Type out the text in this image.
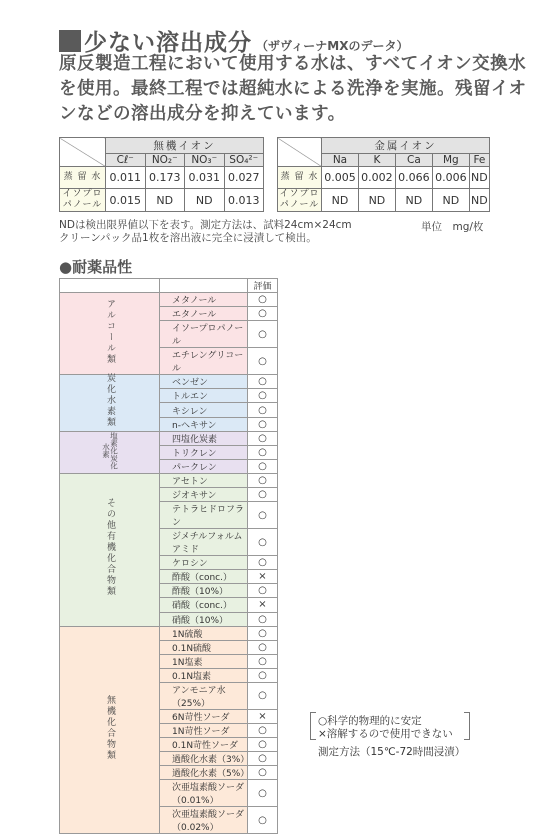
少ない溶出成分 （ザヴィーナMXのデータ）

原反製造工程において使用する水は、すべてイオン交換水

を使用。最終工程では超純水による洗浄を実施。残留イオ

ンなどの溶出成分を抑えています。

	無機イオン			
	Cℓ⁻	NO₂⁻	NO₃⁻	SO₄²⁻
蒸 留 水	0.011	0.173	0.031	0.027

イソプロ
パノール	0.015	ND	ND	0.013
	金属イオン				
	Na	K	Ca	Mg	Fe
蒸 留 水	0.005	0.002	0.066	0.006	ND

イソプロ
パノール	ND	ND	ND	ND	ND
NDは検出限界値以下を表す。測定方法は、試料24cm×24cm
クリーンパック品1枚を溶出液に完全に浸漬して検出。
単位　mg/枚
●耐薬品性
		評価
アルコール類	メタノール	○
	エタノール	○
	イソープロパノール	○
	エチレングリコール	○
炭化水素類	ベンゼン	○
	トルエン	○
	キシレン	○
	n-ヘキサン	○
塩素化炭化水素	四塩化炭素	○
	トリクレン	○
	パークレン	○
その他有機化合物類	アセトン	○
	ジオキサン	○
	テトラヒドロフラン	○
	ジメチルフォルムアミド	○
	ケロシン	○
	酢酸（conc.）	×
	酢酸（10%）	○
	硝酸（conc.）	×
	硝酸（10%）	○
無機化合物類	1N硫酸	○
	0.1N硫酸	○
	1N塩素	○
	0.1N塩素	○
	アンモニア水（25%）	○
	6N苛性ソーダ	×
	1N苛性ソーダ	○
	0.1N苛性ソーダ	○
	過酸化水素（3%）	○
	過酸化水素（5%）	○
	次亜塩素酸ソーダ（0.01%）	○
	次亜塩素酸ソーダ（0.02%）	○
○科学的物理的に安定
×溶解するので使用できない
測定方法（15℃-72時間浸漬）
